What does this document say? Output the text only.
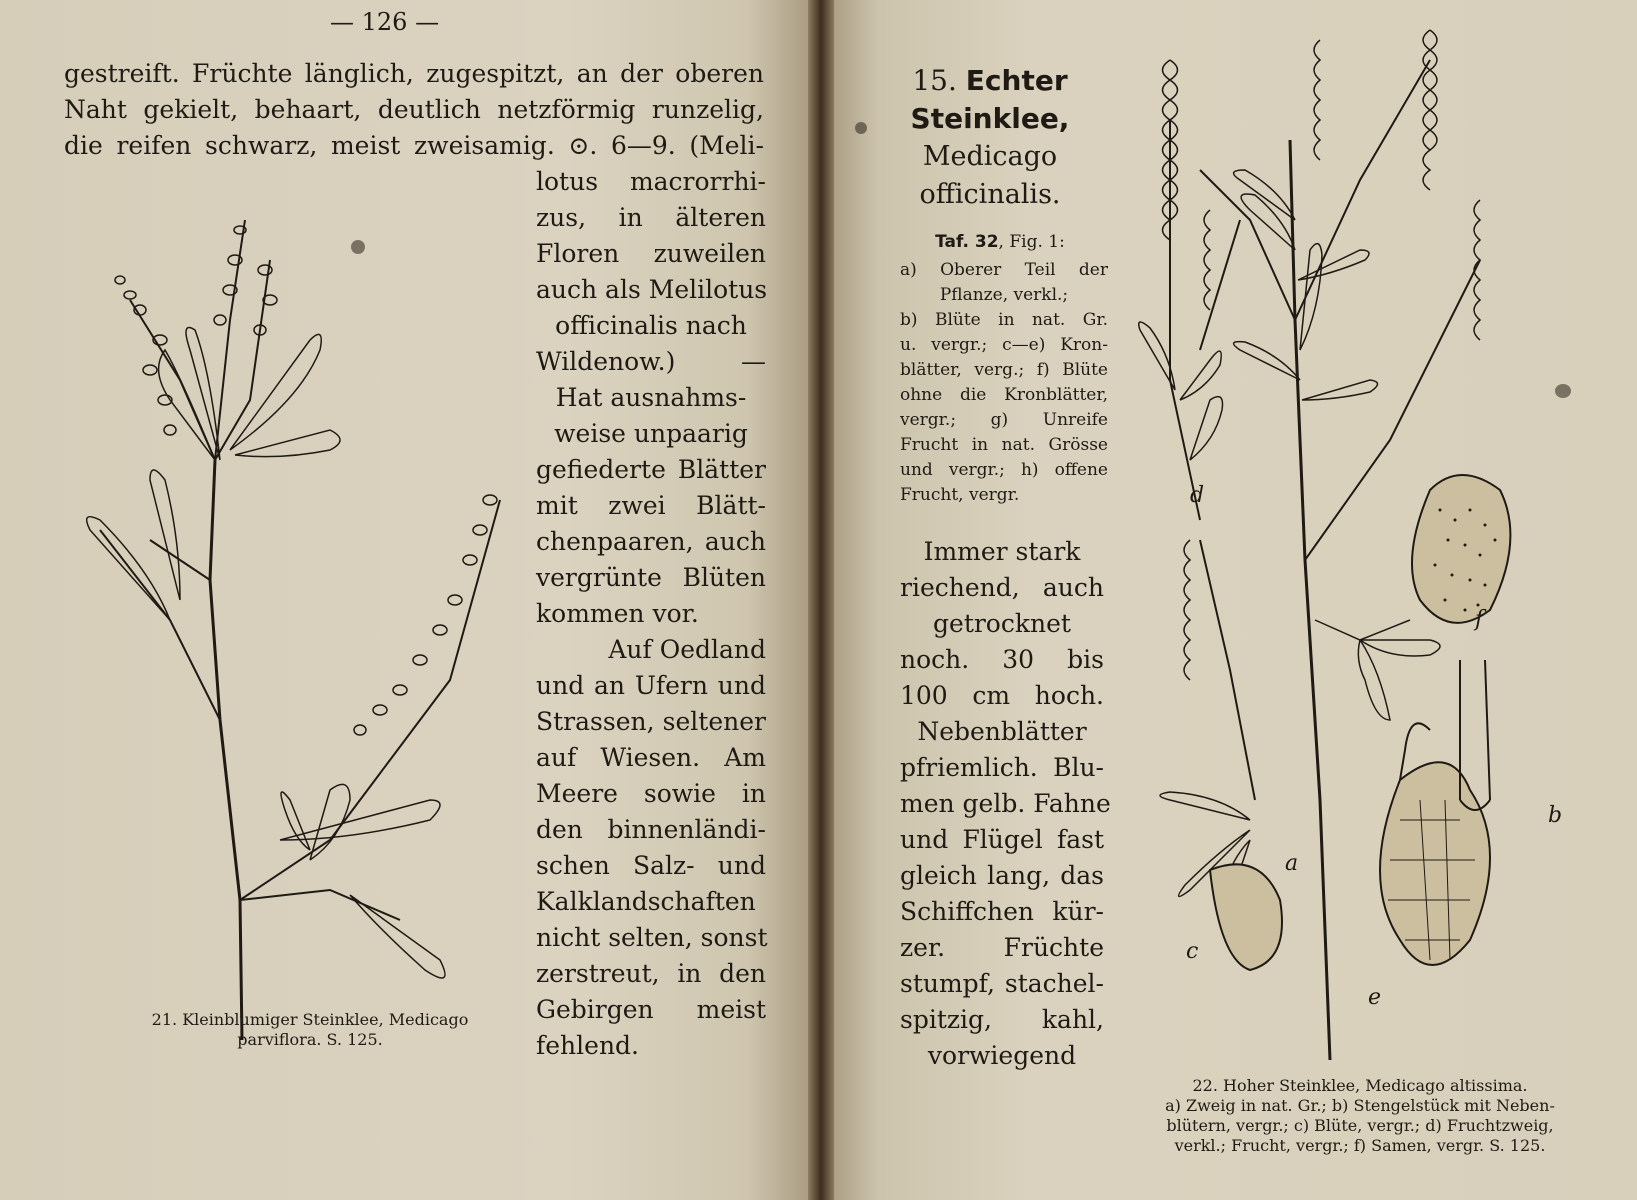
— 126 —
gestreift. Früchte länglich, zugespitzt, an der oberen
Naht gekielt, behaart, deutlich netzförmig runzelig,
die reifen schwarz, meist zweisamig. ⊙. 6—9. (Meli-
lotus macrorrhi-
zus, in älteren
Floren zuweilen
auch als Melilotus
officinalis nach
Wildenow.) —
Hat ausnahms-
weise unpaarig
gefiederte Blätter
mit zwei Blätt-
chenpaaren, auch
vergrünte Blüten
kommen vor.
Auf Oedland
und an Ufern und
Strassen, seltener
auf Wiesen. Am
Meere sowie in
den binnenländi-
schen Salz- und
Kalklandschaften
nicht selten, sonst
zerstreut, in den
Gebirgen meist
fehlend.
21. Kleinblumiger Steinklee, Medicago
parviflora. S. 125.
15. Echter
Steinklee,
Medicago
officinalis.
Taf. 32, Fig. 1:
a) Oberer Teil der
Pflanze, verkl.;
b) Blüte in nat. Gr.
u. vergr.; c—e) Kron-
blätter, verg.; f) Blüte
ohne die Kronblätter,
vergr.; g) Unreife
Frucht in nat. Grösse
und vergr.; h) offene
Frucht, vergr.
Immer stark
riechend, auch
getrocknet
noch. 30 bis
100 cm hoch.
Nebenblätter
pfriemlich. Blu-
men gelb. Fahne
und Flügel fast
gleich lang, das
Schiffchen kür-
zer. Früchte
stumpf, stachel-
spitzig, kahl,
vorwiegend
d
f
b
a
c
e
22. Hoher Steinklee, Medicago altissima.
a) Zweig in nat. Gr.; b) Stengelstück mit Neben-
blütern, vergr.; c) Blüte, vergr.; d) Fruchtzweig,
verkl.; Frucht, vergr.; f) Samen, vergr. S. 125.
